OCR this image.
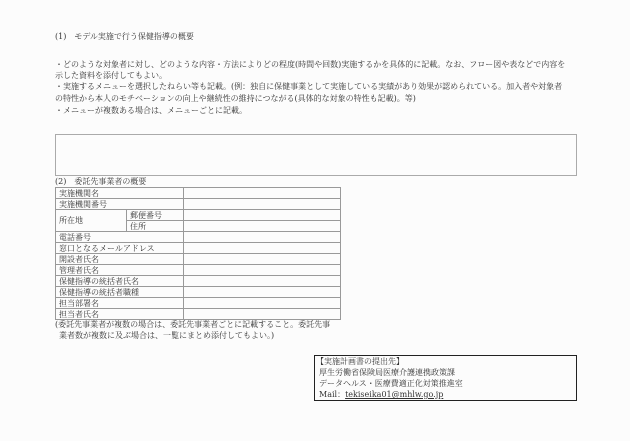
(1)　モデル実施で行う保健指導の概要
・どのような対象者に対し、どのような内容・方法によりどの程度(時間や回数)実施するかを具体的に記載。なお、フロー図や表などで内容を
示した資料を添付してもよい。
・実施するメニューを選択したねらい等も記載。(例：独自に保健事業として実施している実績があり効果が認められている。加入者や対象者
の特性から本人のモチベーションの向上や継続性の維持につながる(具体的な対象の特性も記載)。等)
・メニューが複数ある場合は、メニューごとに記載。
(2)　委託先事業者の概要
実施機関名		
実施機関番号		
所在地	郵便番号	
	住所	
電話番号		
窓口となるメールアドレス		
開設者氏名		
管理者氏名		
保健指導の統括者氏名		
保健指導の統括者職種		
担当部署名		
担当者氏名		
(委託先事業者が複数の場合は、委託先事業者ごとに記載すること。委託先事
業者数が複数に及ぶ場合は、一覧にまとめ添付してもよい。)
【実施計画書の提出先】
厚生労働省保険局医療介護連携政策課
データヘルス・医療費適正化対策推進室
Mail：tekiseika01@mhlw.go.jp
